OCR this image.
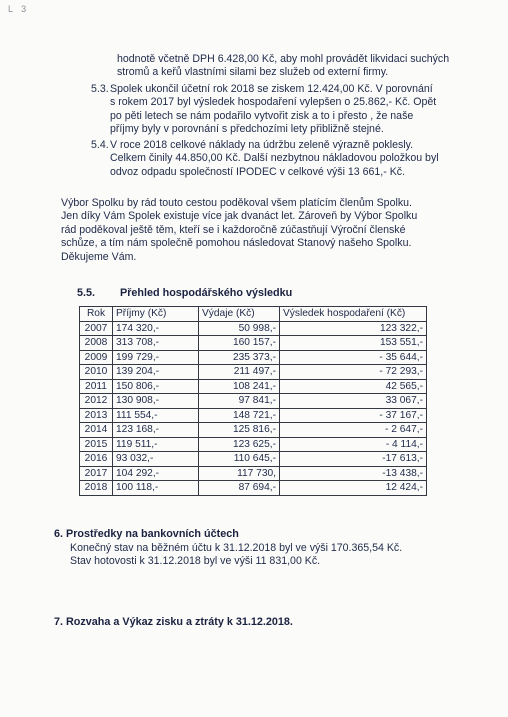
L 3
hodnotě včetně DPH 6.428,00 Kč, aby mohl provádět likvidaci suchých
stromů a keřů vlastními silami bez služeb od externí firmy.
5.3. Spolek ukončil účetní rok 2018 se ziskem 12.424,00 Kč. V porovnání
s rokem 2017 byl výsledek hospodaření vylepšen o 25.862,- Kč. Opět
po pěti letech se nám podařilo vytvořit zisk a to i přesto , že naše
příjmy byly v porovnání s předchozími lety přibližně stejné.
5.4. V roce 2018 celkové náklady na údržbu zeleně výrazně poklesly.
Celkem činily 44.850,00 Kč. Další nezbytnou nákladovou položkou byl
odvoz odpadu společností IPODEC v celkové výši 13 661,- Kč.
Výbor Spolku by rád touto cestou poděkoval všem platícím členům Spolku.
Jen díky Vám Spolek existuje více jak dvanáct let. Zároveň by Výbor Spolku
rád poděkoval ještě těm, kteří se i každoročně zúčastňují Výroční členské
schůze, a tím nám společně pomohou následovat Stanový našeho Spolku.
Děkujeme Vám.
5.5. Přehled hospodářského výsledku
Rok	Příjmy (Kč)	Výdaje (Kč)	Výsledek hospodaření (Kč)
2007	174 320,-	50 998,-	123 322,-
2008	313 708,-	160 157,-	153 551,-
2009	199 729,-	235 373,-	- 35 644,-
2010	139 204,-	211 497,-	- 72 293,-
2011	150 806,-	108 241,-	42 565,-
2012	130 908,-	97 841,-	33 067,-
2013	111 554,-	148 721,-	- 37 167,-
2014	123 168,-	125 816,-	- 2 647,-
2015	119 511,-	123 625,-	- 4 114,-
2016	93 032,-	110 645,-	-17 613,-
2017	104 292,-	117 730,	-13 438,-
2018	100 118,-	87 694,-	12 424,-
6. Prostředky na bankovních účtech
Konečný stav na běžném účtu k 31.12.2018 byl ve výši 170.365,54 Kč.
Stav hotovosti k 31.12.2018 byl ve výši 11 831,00 Kč.
7. Rozvaha a Výkaz zisku a ztráty k 31.12.2018.
